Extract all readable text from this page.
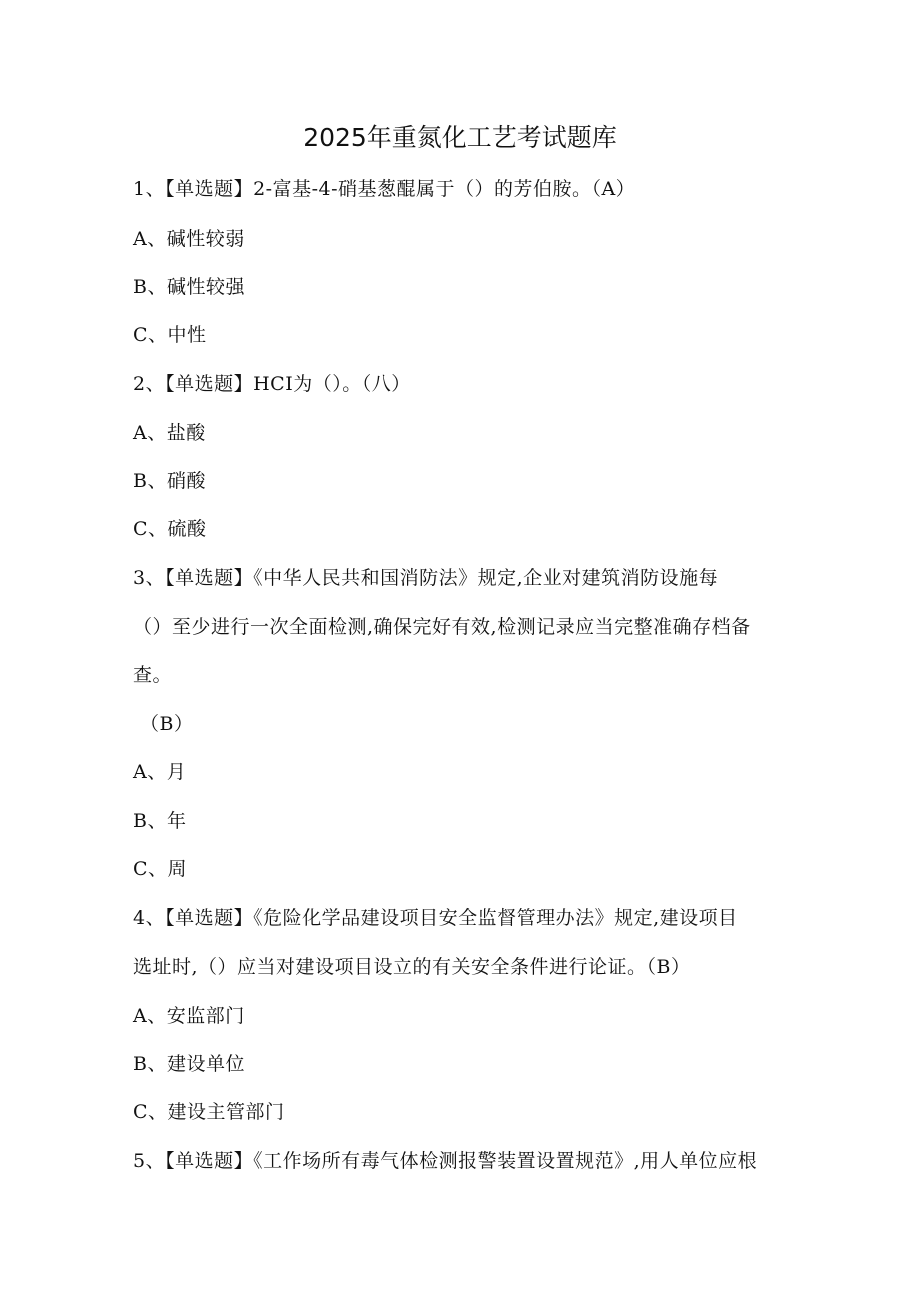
2025年重氮化工艺考试题库
1、【单选题】2-富基-4-硝基葱醌属于（）的芳伯胺。（A）
A、碱性较弱
B、碱性较强
C、中性
2、【单选题】HCI为（）。（八）
A、盐酸
B、硝酸
C、硫酸
3、【单选题】《中华人民共和国消防法》规定,企业对建筑消防设施每
（）至少进行一次全面检测,确保完好有效,检测记录应当完整准确存档备
查。
（B）
A、月
B、年
C、周
4、【单选题】《危险化学品建设项目安全监督管理办法》规定,建设项目
选址时,（）应当对建设项目设立的有关安全条件进行论证。（B）
A、安监部门
B、建设单位
C、建设主管部门
5、【单选题】《工作场所有毒气体检测报警装置设置规范》,用人单位应根
